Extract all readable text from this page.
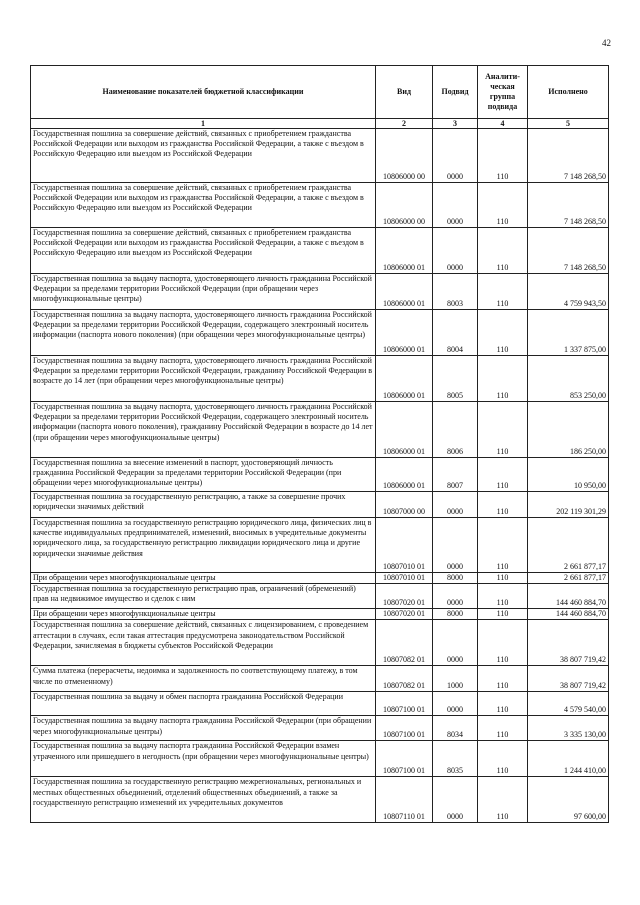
42
Наименование показателей бюджетной классификации	Вид	Подвид	Аналити-ческая группа подвида	Исполнено
1	2	3	4	5
Государственная пошлина за совершение действий, связанных с приобретением гражданства Российской Федерации или выходом из гражданства Российской Федерации, а также с въездом в Российскую Федерацию или выездом из Российской Федерации	10806000 00	0000	110	7 148 268,50
Государственная пошлина за совершение действий, связанных с приобретением гражданства Российской Федерации или выходом из гражданства Российской Федерации, а также с въездом в Российскую Федерацию или выездом из Российской Федерации	10806000 00	0000	110	7 148 268,50
Государственная пошлина за совершение действий, связанных с приобретением гражданства Российской Федерации или выходом из гражданства Российской Федерации, а также с въездом в Российскую Федерацию или выездом из Российской Федерации	10806000 01	0000	110	7 148 268,50
Государственная пошлина за выдачу паспорта, удостоверяющего личность гражданина Российской Федерации за пределами территории Российской Федерации (при обращении через многофункциональные центры)	10806000 01	8003	110	4 759 943,50
Государственная пошлина за выдачу паспорта, удостоверяющего личность гражданина Российской Федерации за пределами территории Российской Федерации, содержащего электронный носитель информации (паспорта нового поколения) (при обращении через многофункциональные центры)	10806000 01	8004	110	1 337 875,00
Государственная пошлина за выдачу паспорта, удостоверяющего личность гражданина Российской Федерации за пределами территории Российской Федерации, гражданину Российской Федерации в возрасте до 14 лет (при обращении через многофункциональные центры)	10806000 01	8005	110	853 250,00
Государственная пошлина за выдачу паспорта, удостоверяющего личность гражданина Российской Федерации за пределами территории Российской Федерации, содержащего электронный носитель информации (паспорта нового поколения), гражданину Российской Федерации в возрасте до 14 лет (при обращении через многофункциональные центры)	10806000 01	8006	110	186 250,00
Государственная пошлина за внесение изменений в паспорт, удостоверяющий личность гражданина Российской Федерации за пределами территории Российской Федерации (при обращении через многофункциональные центры)	10806000 01	8007	110	10 950,00
Государственная пошлина за государственную регистрацию, а также за совершение прочих юридически значимых действий	10807000 00	0000	110	202 119 301,29
Государственная пошлина за государственную регистрацию юридического лица, физических лиц в качестве индивидуальных предпринимателей, изменений, вносимых в учредительные документы юридического лица, за государственную регистрацию ликвидации юридического лица и другие юридически значимые действия	10807010 01	0000	110	2 661 877,17
При обращении через многофункциональные центры	10807010 01	8000	110	2 661 877,17
Государственная пошлина за государственную регистрацию прав, ограничений (обременений) прав на недвижимое имущество и сделок с ним	10807020 01	0000	110	144 460 884,70
При обращении через многофункциональные центры	10807020 01	8000	110	144 460 884,70
Государственная пошлина за совершение действий, связанных с лицензированием, с проведением аттестации в случаях, если такая аттестация предусмотрена законодательством Российской Федерации, зачисляемая в бюджеты субъектов Российской Федерации	10807082 01	0000	110	38 807 719,42
Сумма платежа (перерасчеты, недоимка и задолженность по соответствующему платежу, в том числе по отмененному)	10807082 01	1000	110	38 807 719,42
Государственная пошлина за выдачу и обмен паспорта гражданина Российской Федерации	10807100 01	0000	110	4 579 540,00
Государственная пошлина за выдачу паспорта гражданина Российской Федерации (при обращении через многофункциональные центры)	10807100 01	8034	110	3 335 130,00
Государственная пошлина за выдачу паспорта гражданина Российской Федерации взамен утраченного или пришедшего в негодность (при обращении через многофункциональные центры)	10807100 01	8035	110	1 244 410,00
Государственная пошлина за государственную регистрацию межрегиональных, региональных и местных общественных объединений, отделений общественных объединений, а также за государственную регистрацию изменений их учредительных документов	10807110 01	0000	110	97 600,00
